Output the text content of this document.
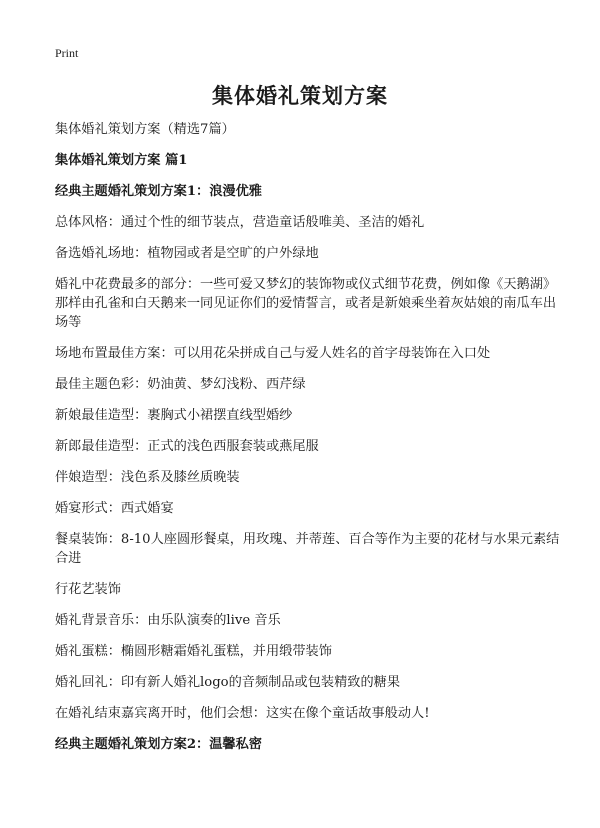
Print
集体婚礼策划方案

集体婚礼策划方案（精选7篇）

集体婚礼策划方案 篇1

经典主题婚礼策划方案1：浪漫优雅

总体风格：通过个性的细节装点，营造童话般唯美、圣洁的婚礼

备选婚礼场地：植物园或者是空旷的户外绿地

婚礼中花费最多的部分：一些可爱又梦幻的装饰物或仪式细节花费，例如像《天鹅湖》那样由孔雀和白天鹅来一同见证你们的爱情誓言，或者是新娘乘坐着灰姑娘的南瓜车出场等

场地布置最佳方案：可以用花朵拼成自己与爱人姓名的首字母装饰在入口处

最佳主题色彩：奶油黄、梦幻浅粉、西芹绿

新娘最佳造型：裹胸式小裙摆直线型婚纱

新郎最佳造型：正式的浅色西服套装或燕尾服

伴娘造型：浅色系及膝丝质晚装

婚宴形式：西式婚宴

餐桌装饰：8-10人座圆形餐桌，用玫瑰、并蒂莲、百合等作为主要的花材与水果元素结合进

行花艺装饰

婚礼背景音乐：由乐队演奏的live 音乐

婚礼蛋糕：椭圆形糖霜婚礼蛋糕，并用缎带装饰

婚礼回礼：印有新人婚礼logo的音频制品或包装精致的糖果

在婚礼结束嘉宾离开时，他们会想：这实在像个童话故事般动人!

经典主题婚礼策划方案2：温馨私密
